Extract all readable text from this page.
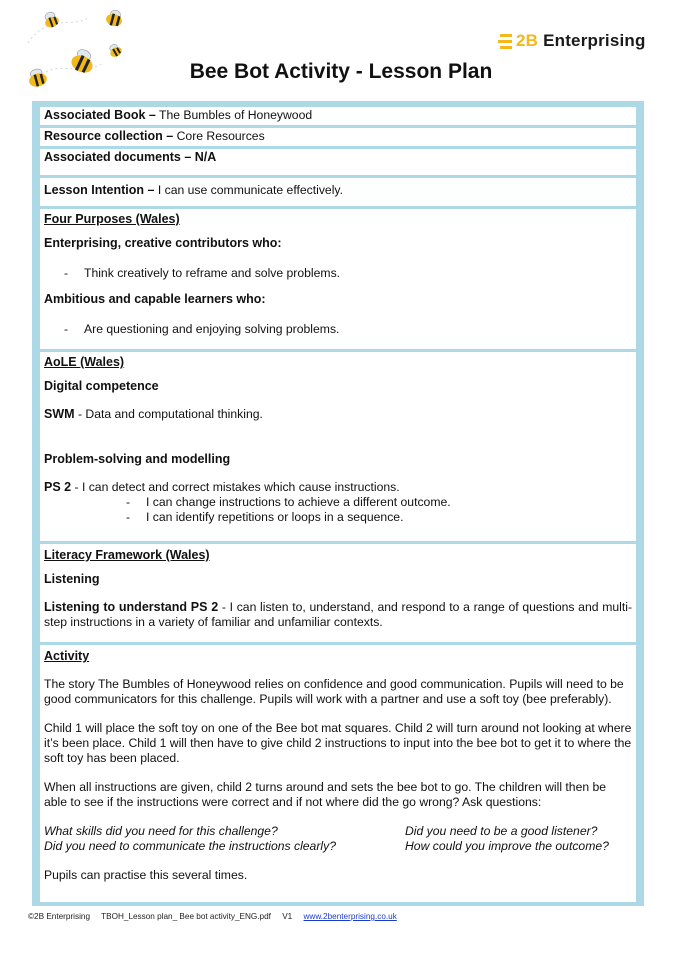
2B Enterprising
Bee Bot Activity - Lesson Plan
Associated Book – The Bumbles of Honeywood
Resource collection – Core Resources
Associated documents – N/A
Lesson Intention – I can use communicate effectively.

Four Purposes (Wales)

Enterprising, creative contributors who:

- Think creatively to reframe and solve problems.

Ambitious and capable learners who:

- Are questioning and enjoying solving problems.

AoLE (Wales)

Digital competence

SWM - Data and computational thinking.

Problem-solving and modelling

PS 2 - I can detect and correct mistakes which cause instructions.

- I can change instructions to achieve a different outcome.

- I can identify repetitions or loops in a sequence.

Literacy Framework (Wales)

Listening

Listening to understand PS 2 - I can listen to, understand, and respond to a range of questions and multi-step instructions in a variety of familiar and unfamiliar contexts.

Activity

The story The Bumbles of Honeywood relies on confidence and good communication. Pupils will need to be good communicators for this challenge. Pupils will work with a partner and use a soft toy (bee preferably).

Child 1 will place the soft toy on one of the Bee bot mat squares. Child 2 will turn around not looking at where it’s been place. Child 1 will then have to give child 2 instructions to input into the bee bot to get it to where the soft toy has been placed.

When all instructions are given, child 2 turns around and sets the bee bot to go. The children will then be able to see if the instructions were correct and if not where did the go wrong? Ask questions:

What skills did you need for this challenge?	Did you need to be a good listener?
Did you need to communicate the instructions clearly?	How could you improve the outcome?

Pupils can practise this several times.

©2B Enterprising TBOH_Lesson plan_ Bee bot activity_ENG.pdf V1 www.2benterprising.co.uk
